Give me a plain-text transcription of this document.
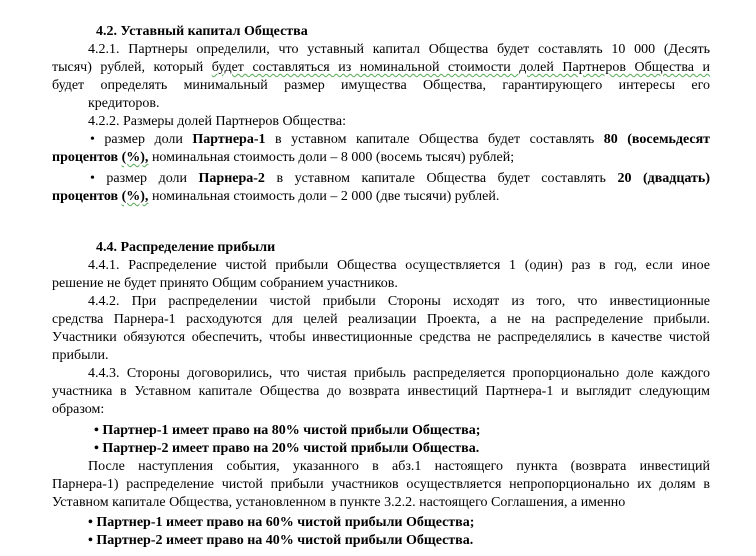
4.2. Уставный капитал Общества
4.2.1. Партнеры определили, что уставный капитал Общества будет составлять 10 000 (Десять
тысяч) рублей, который будет составляться из номинальной стоимости долей Партнеров Общества и
будет определять минимальный размер имущества Общества, гарантирующего интересы его
кредиторов.
4.2.2. Размеры долей Партнеров Общества:
• размер доли Партнера-1 в уставном капитале Общества будет составлять 80 (восемьдесят
процентов (%), номинальная стоимость доли – 8 000 (восемь тысяч) рублей;
• размер доли Парнера-2 в уставном капитале Общества будет составлять 20 (двадцать)
процентов (%), номинальная стоимость доли – 2 000 (две тысячи) рублей.
4.4. Распределение прибыли
4.4.1. Распределение чистой прибыли Общества осуществляется 1 (один) раз в год, если иное
решение не будет принято Общим собранием участников.
4.4.2. При распределении чистой прибыли Стороны исходят из того, что инвестиционные
средства Парнера-1 расходуются для целей реализации Проекта, а не на распределение прибыли.
Участники обязуются обеспечить, чтобы инвестиционные средства не распределялись в качестве чистой
прибыли.
4.4.3. Стороны договорились, что чистая прибыль распределяется пропорционально доле каждого
участника в Уставном капитале Общества до возврата инвестиций Партнера-1 и выглядит следующим
образом:
• Партнер-1 имеет право на 80% чистой прибыли Общества;
• Партнер-2 имеет право на 20% чистой прибыли Общества.
После наступления события, указанного в абз.1 настоящего пункта (возврата инвестиций
Парнера-1) распределение чистой прибыли участников осуществляется непропорционально их долям в
Уставном капитале Общества, установленном в пункте 3.2.2. настоящего Соглашения, а именно
• Партнер-1 имеет право на 60% чистой прибыли Общества;
• Партнер-2 имеет право на 40% чистой прибыли Общества.
